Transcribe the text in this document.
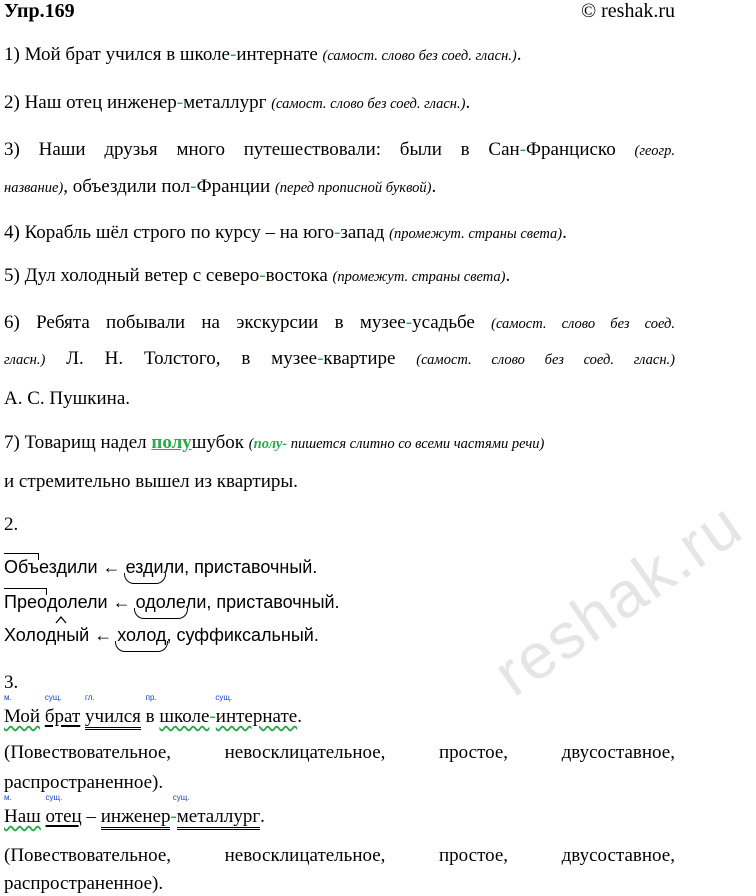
Упр.169	© reshak.ru
1) Мой брат учился в школе-интернате (самост. слово без соед. гласн.).
2) Наш отец инженер-металлург (самост. слово без соед. гласн.).
3) Наши друзья много путешествовали: были в Сан-Франциско (геогр.
название), объездили пол-Франции (перед прописной буквой).
4) Корабль шёл строго по курсу – на юго-запад (промежут. страны света).
5) Дул холодный ветер с северо-востока (промежут. страны света).
6) Ребята побывали на экскурсии в музее-усадьбе (самост. слово без соед.
гласн.) Л. Н. Толстого, в музее-квартире (самост. слово без соед. гласн.)
А. С. Пушкина.
7) Товарищ надел полушубок (полу- пишется слитно со всеми частями речи)
и стремительно вышел из квартиры.
2.
Объездили ←
ездили, приставочный.
Преодолели ←
одолели, приставочный.
Холод
ный ←
холод, суффиксальный.
3.
м.
Мой
сущ.
брат
гл.
учился
пр.
в
сущ.
школе-интернате.
(Повествовательное,	невосклицательное,	простое,	двусоставное,
распространенное).
м.
Наш
сущ.
отец –
сущ.
инженер-металлург.
(Повествовательное,	невосклицательное,	простое,	двусоставное,
распространенное).
reshak.ru
